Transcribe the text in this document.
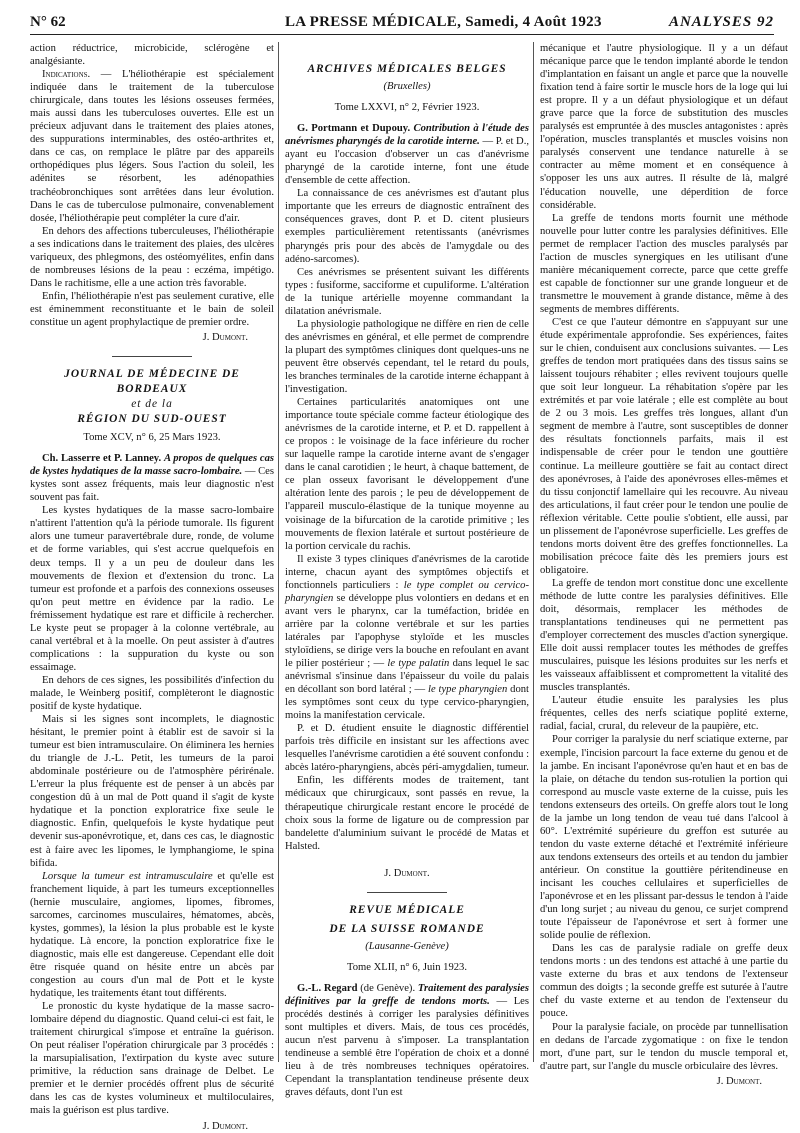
N° 62	LA PRESSE MÉDICALE, Samedi, 4 Août 1923	ANALYSES 92

action réductrice, microbicide, sclérogène et analgésiante.

Indications. — L'héliothérapie est spécialement indiquée dans le traitement de la tuberculose chirurgicale, dans toutes les lésions osseuses fermées, mais aussi dans les tuberculoses ouvertes. Elle est un précieux adjuvant dans le traitement des plaies atones, des suppurations interminables, des ostéo-arthrites et, dans ce cas, on remplace le plâtre par des appareils orthopédiques plus légers. Sous l'action du soleil, les adénites se résorbent, les adénopathies trachéobronchiques sont arrêtées dans leur évolution. Dans le cas de tuberculose pulmonaire, convenablement dosée, l'héliothérapie peut compléter la cure d'air.

En dehors des affections tuberculeuses, l'héliothérapie a ses indications dans le traitement des plaies, des ulcères variqueux, des phlegmons, des ostéomyélites, enfin dans de nombreuses lésions de la peau : eczéma, impétigo. Dans le rachitisme, elle a une action très favorable.

Enfin, l'héliothérapie n'est pas seulement curative, elle est éminemment reconstituante et le bain de soleil constitue un agent prophylactique de premier ordre.

J. Dumont.

JOURNAL DE MÉDECINE DE BORDEAUX

et de la

RÉGION DU SUD-OUEST

Tome XCV, n° 6, 25 Mars 1923.

Ch. Lasserre et P. Lanney. A propos de quelques cas de kystes hydatiques de la masse sacro-lombaire. — Ces kystes sont assez fréquents, mais leur diagnostic n'est souvent pas fait.

Les kystes hydatiques de la masse sacro-lombaire n'attirent l'attention qu'à la période tumorale. Ils figurent alors une tumeur paravertébrale dure, ronde, de volume et de forme variables, qui s'est accrue quelquefois en deux temps. Il y a un peu de douleur dans les mouvements de flexion et d'extension du tronc. La tumeur est profonde et a parfois des connexions osseuses qu'on peut mettre en évidence par la radio. Le frémissement hydatique est rare et difficile à rechercher. Le kyste peut se propager à la colonne vertébrale, au canal vertébral et à la moelle. On peut assister à d'autres complications : la suppuration du kyste ou son essaimage.

En dehors de ces signes, les possibilités d'infection du malade, le Weinberg positif, complèteront le diagnostic positif de kyste hydatique.

Mais si les signes sont incomplets, le diagnostic hésitant, le premier point à établir est de savoir si la tumeur est bien intramusculaire. On éliminera les hernies du triangle de J.-L. Petit, les tumeurs de la paroi abdominale postérieure ou de l'atmosphère périrénale. L'erreur la plus fréquente est de penser à un abcès par congestion dû à un mal de Pott quand il s'agit de kyste hydatique et la ponction exploratrice fixe seule le diagnostic. Enfin, quelquefois le kyste hydatique peut devenir sus-aponévrotique, et, dans ces cas, le diagnostic est à faire avec les lipomes, le lymphangiome, le spina bifida.

Lorsque la tumeur est intramusculaire et qu'elle est franchement liquide, à part les tumeurs exceptionnelles (hernie musculaire, angiomes, lipomes, fibromes, sarcomes, carcinomes musculaires, hématomes, abcès, kystes, gommes), la lésion la plus probable est le kyste hydatique. Là encore, la ponction exploratrice fixe le diagnostic, mais elle est dangereuse. Cependant elle doit être risquée quand on hésite entre un abcès par congestion au cours d'un mal de Pott et le kyste hydatique, les traitements étant tout différents.

Le pronostic du kyste hydatique de la masse sacro-lombaire dépend du diagnostic. Quand celui-ci est fait, le traitement chirurgical s'impose et entraîne la guérison. On peut réaliser l'opération chirurgicale par 3 procédés : la marsupialisation, l'extirpation du kyste avec suture primitive, la réduction sans drainage de Delbet. Le premier et le dernier procédés offrent plus de sécurité dans les cas de kystes volumineux et multiloculaires, mais la guérison est plus tardive.

J. Dumont.

ARCHIVES MÉDICALES BELGES

(Bruxelles)

Tome LXXVI, n° 2, Février 1923.

G. Portmann et Dupouy. Contribution à l'étude des anévrismes pharyngés de la carotide interne. — P. et D., ayant eu l'occasion d'observer un cas d'anévrisme pharyngé de la carotide interne, font une étude d'ensemble de cette affection.

La connaissance de ces anévrismes est d'autant plus importante que les erreurs de diagnostic entraînent des conséquences graves, dont P. et D. citent plusieurs exemples particulièrement retentissants (anévrismes pharyngés pris pour des abcès de l'amygdale ou des adéno-sarcomes).

Ces anévrismes se présentent suivant les différents types : fusiforme, sacciforme et cupuliforme. L'altération de la tunique artérielle moyenne commandant la dilatation anévrismale.

La physiologie pathologique ne diffère en rien de celle des anévrismes en général, et elle permet de comprendre la plupart des symptômes cliniques dont quelques-uns ne peuvent être observés cependant, tel le retard du pouls, les branches terminales de la carotide interne échappant à l'investigation.

Certaines particularités anatomiques ont une importance toute spéciale comme facteur étiologique des anévrismes de la carotide interne, et P. et D. rappellent à ce propos : le voisinage de la face inférieure du rocher sur laquelle rampe la carotide interne avant de s'engager dans le canal carotidien ; le heurt, à chaque battement, de ce plan osseux favorisant le développement d'une altération lente des parois ; le peu de développement de l'appareil musculo-élastique de la tunique moyenne au voisinage de la bifurcation de la carotide primitive ; les mouvements de flexion latérale et surtout postérieure de la portion cervicale du rachis.

Il existe 3 types cliniques d'anévrismes de la carotide interne, chacun ayant des symptômes objectifs et fonctionnels particuliers : le type complet ou cervico-pharyngien se développe plus volontiers en dedans et en avant vers le pharynx, car la tuméfaction, bridée en arrière par la colonne vertébrale et sur les parties latérales par l'apophyse styloïde et les muscles styloïdiens, se dirige vers la bouche en refoulant en avant le pilier postérieur ; — le type palatin dans lequel le sac anévrismal s'insinue dans l'épaisseur du voile du palais en décollant son bord latéral ; — le type pharyngien dont les symptômes sont ceux du type cervico-pharyngien, moins la manifestation cervicale.

P. et D. étudient ensuite le diagnostic différentiel parfois très difficile en insistant sur les affections avec lesquelles l'anévrisme carotidien a été souvent confondu : abcès latéro-pharyngiens, abcès péri-amygdalien, tumeur.

Enfin, les différents modes de traitement, tant médicaux que chirurgicaux, sont passés en revue, la thérapeutique chirurgicale restant encore le procédé de choix sous la forme de ligature ou de compression par bandelette d'aluminium suivant le procédé de Matas et Halsted.

J. Dumont.

REVUE MÉDICALE

DE LA SUISSE ROMANDE

(Lausanne-Genève)

Tome XLII, n° 6, Juin 1923.

G.-L. Regard (de Genève). Traitement des paralysies définitives par la greffe de tendons morts. — Les procédés destinés à corriger les paralysies définitives sont multiples et divers. Mais, de tous ces procédés, aucun n'est parvenu à s'imposer. La transplantation tendineuse a semblé être l'opération de choix et a donné lieu à de très nombreuses techniques opératoires. Cependant la transplantation tendineuse présente deux graves défauts, dont l'un est

mécanique et l'autre physiologique. Il y a un défaut mécanique parce que le tendon implanté aborde le tendon d'implantation en faisant un angle et parce que la nouvelle fixation tend à faire sortir le muscle hors de la loge qui lui est propre. Il y a un défaut physiologique et un défaut grave parce que la force de substitution des muscles paralysés est empruntée à des muscles antagonistes : après l'opération, muscles transplantés et muscles voisins non paralysés conservent une tendance naturelle à se contracter au même moment et en conséquence à s'opposer les uns aux autres. Il résulte de là, malgré l'éducation nouvelle, une déperdition de force considérable.

La greffe de tendons morts fournit une méthode nouvelle pour lutter contre les paralysies définitives. Elle permet de remplacer l'action des muscles paralysés par l'action de muscles synergiques en les utilisant d'une manière mécaniquement correcte, parce que cette greffe est capable de fonctionner sur une grande longueur et de transmettre le mouvement à grande distance, même à des segments de membres différents.

C'est ce que l'auteur démontre en s'appuyant sur une étude expérimentale approfondie. Ses expériences, faites sur le chien, conduisent aux conclusions suivantes. — Les greffes de tendon mort pratiquées dans des tissus sains se laissent toujours réhabiter ; elles revivent toujours quelle que soit leur longueur. La réhabitation s'opère par les extrémités et par voie latérale ; elle est complète au bout de 2 ou 3 mois. Les greffes très longues, allant d'un segment de membre à l'autre, sont susceptibles de donner des résultats fonctionnels parfaits, mais il est indispensable de créer pour le tendon une gouttière continue. La meilleure gouttière se fait au contact direct des aponévroses, à l'aide des aponévroses elles-mêmes et du tissu conjonctif lamellaire qui les recouvre. Au niveau des articulations, il faut créer pour le tendon une poulie de réflexion véritable. Cette poulie s'obtient, elle aussi, par un plissement de l'aponévrose superficielle. Les greffes de tendons morts doivent être des greffes fonctionnelles. La mobilisation précoce faite dès les premiers jours est obligatoire.

La greffe de tendon mort constitue donc une excellente méthode de lutte contre les paralysies définitives. Elle doit, désormais, remplacer les méthodes de transplantations tendineuses qui ne permettent pas d'employer correctement des muscles d'action synergique. Elle doit aussi remplacer toutes les méthodes de greffes musculaires, puisque les lésions produites sur les nerfs et les vaisseaux affaiblissent et compromettent la vitalité des muscles transplantés.

L'auteur étudie ensuite les paralysies les plus fréquentes, celles des nerfs sciatique poplité externe, radial, facial, crural, du releveur de la paupière, etc.

Pour corriger la paralysie du nerf sciatique externe, par exemple, l'incision parcourt la face externe du genou et de la jambe. En incisant l'aponévrose qu'en haut et en bas de la plaie, on détache du tendon sus-rotulien la portion qui correspond au muscle vaste externe de la cuisse, puis les tendons extenseurs des orteils. On greffe alors tout le long de la jambe un long tendon de veau tué dans l'alcool à 60°. L'extrémité supérieure du greffon est suturée au tendon du vaste externe détaché et l'extrémité inférieure aux tendons extenseurs des orteils et au tendon du jambier antérieur. On constitue la gouttière péritendineuse en incisant les couches cellulaires et superficielles de l'aponévrose et en les plissant par-dessus le tendon à l'aide d'un long surjet ; au niveau du genou, ce surjet comprend toute l'épaisseur de l'aponévrose et sert à former une solide poulie de réflexion.

Dans les cas de paralysie radiale on greffe deux tendons morts : un des tendons est attaché à une partie du vaste externe du bras et aux tendons de l'extenseur commun des doigts ; la seconde greffe est suturée à l'autre chef du vaste externe et au tendon de l'extenseur du pouce.

Pour la paralysie faciale, on procède par tunnellisation en dedans de l'arcade zygomatique : on fixe le tendon mort, d'une part, sur le tendon du muscle temporal et, d'autre part, sur l'angle du muscle orbiculaire des lèvres.

J. Dumont.
